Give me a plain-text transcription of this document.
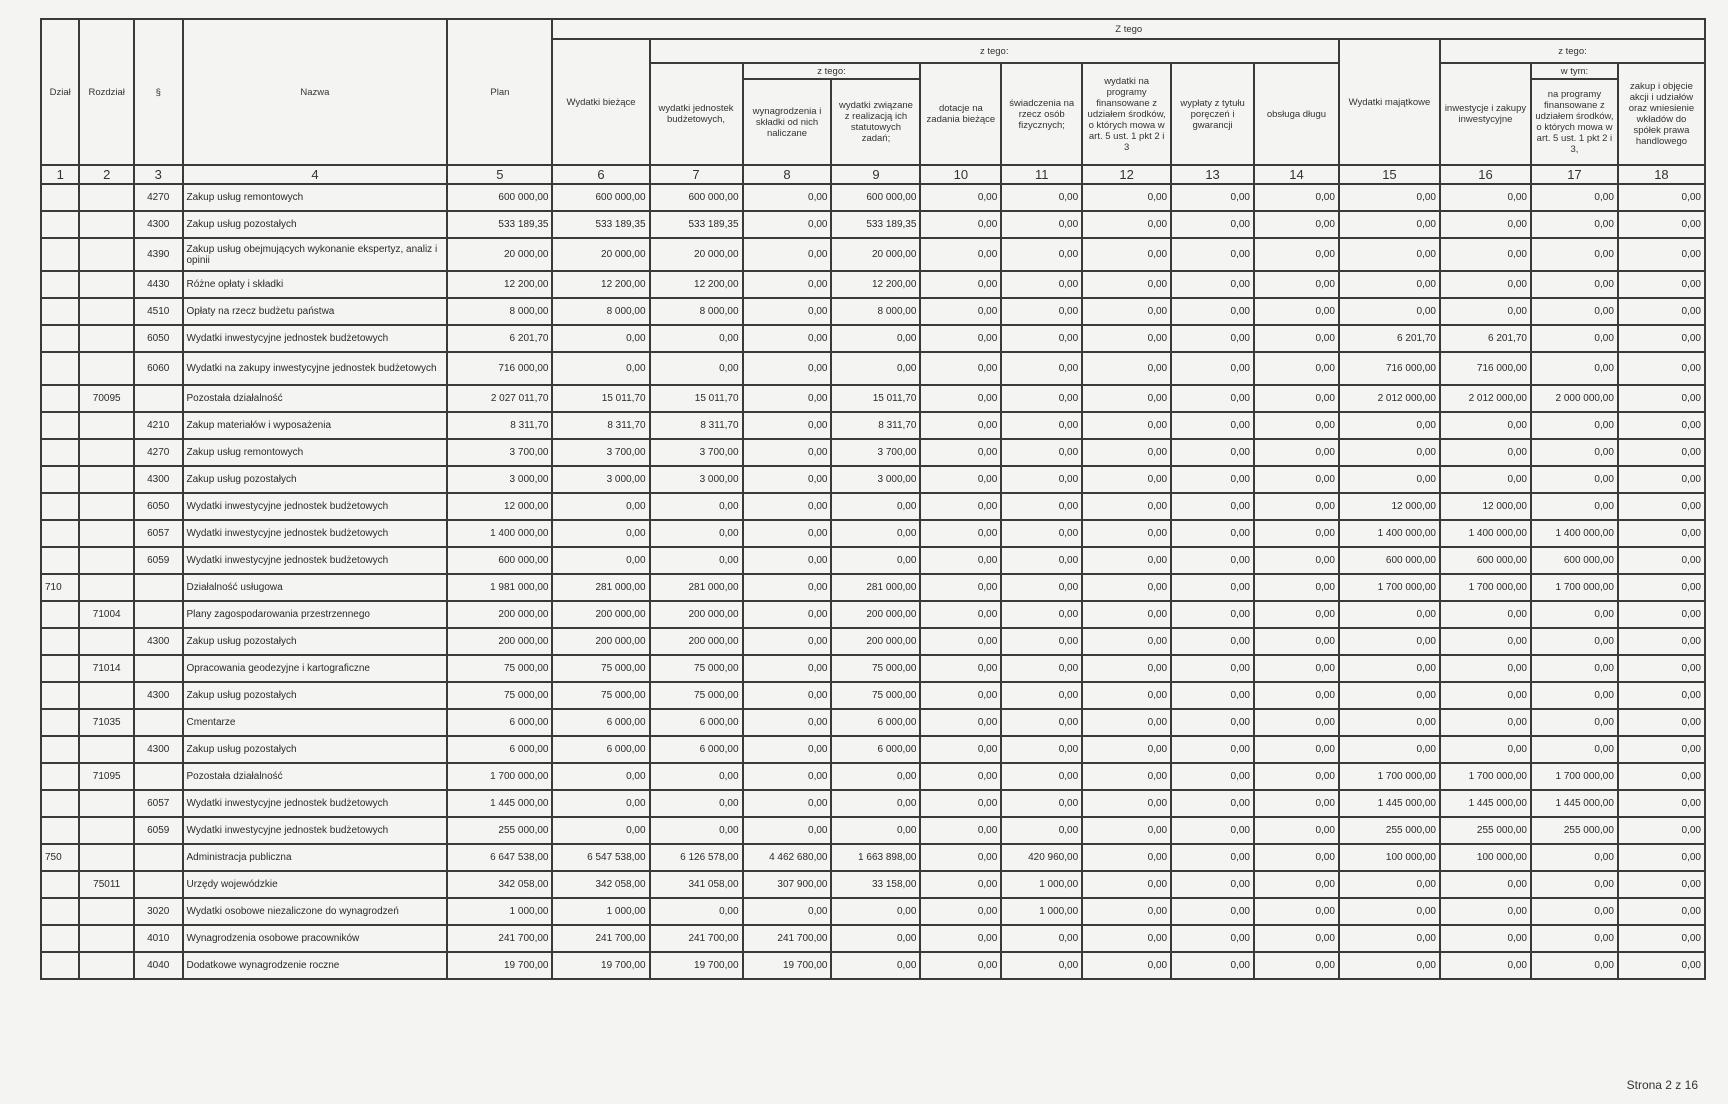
Dział	Rozdział	§	Nazwa	Plan	Z tego												
					Wydatki bieżące	z tego:								Wydatki majątkowe	z tego:		
						wydatki jednostek budżetowych,	z tego:		dotacje na zadania bieżące	świadczenia na rzecz osób fizycznych;	wydatki na programy finansowane z udziałem środków, o których mowa w art. 5 ust. 1 pkt 2 i 3	wypłaty z tytułu poręczeń i gwarancji	obsługa długu		inwestycje i zakupy inwestycyjne	w tym:	zakup i objęcie akcji i udziałów oraz wniesienie wkładów do spółek prawa handlowego
							wynagrodzenia i składki od nich naliczane	wydatki związane z realizacją ich statutowych zadań;								na programy finansowane z udziałem środków, o których mowa w art. 5 ust. 1 pkt 2 i 3,	
1	2	3	4	5	6	7	8	9	10	11	12	13	14	15	16	17	18
		4270	Zakup usług remontowych	600 000,00	600 000,00	600 000,00	0,00	600 000,00	0,00	0,00	0,00	0,00	0,00	0,00	0,00	0,00	0,00
		4300	Zakup usług pozostałych	533 189,35	533 189,35	533 189,35	0,00	533 189,35	0,00	0,00	0,00	0,00	0,00	0,00	0,00	0,00	0,00
		4390	Zakup usług obejmujących wykonanie ekspertyz, analiz i opinii	20 000,00	20 000,00	20 000,00	0,00	20 000,00	0,00	0,00	0,00	0,00	0,00	0,00	0,00	0,00	0,00
		4430	Różne opłaty i składki	12 200,00	12 200,00	12 200,00	0,00	12 200,00	0,00	0,00	0,00	0,00	0,00	0,00	0,00	0,00	0,00
		4510	Opłaty na rzecz budżetu państwa	8 000,00	8 000,00	8 000,00	0,00	8 000,00	0,00	0,00	0,00	0,00	0,00	0,00	0,00	0,00	0,00
		6050	Wydatki inwestycyjne jednostek budżetowych	6 201,70	0,00	0,00	0,00	0,00	0,00	0,00	0,00	0,00	0,00	6 201,70	6 201,70	0,00	0,00
		6060	Wydatki na zakupy inwestycyjne jednostek budżetowych	716 000,00	0,00	0,00	0,00	0,00	0,00	0,00	0,00	0,00	0,00	716 000,00	716 000,00	0,00	0,00
	70095		Pozostała działalność	2 027 011,70	15 011,70	15 011,70	0,00	15 011,70	0,00	0,00	0,00	0,00	0,00	2 012 000,00	2 012 000,00	2 000 000,00	0,00
		4210	Zakup materiałów i wyposażenia	8 311,70	8 311,70	8 311,70	0,00	8 311,70	0,00	0,00	0,00	0,00	0,00	0,00	0,00	0,00	0,00
		4270	Zakup usług remontowych	3 700,00	3 700,00	3 700,00	0,00	3 700,00	0,00	0,00	0,00	0,00	0,00	0,00	0,00	0,00	0,00
		4300	Zakup usług pozostałych	3 000,00	3 000,00	3 000,00	0,00	3 000,00	0,00	0,00	0,00	0,00	0,00	0,00	0,00	0,00	0,00
		6050	Wydatki inwestycyjne jednostek budżetowych	12 000,00	0,00	0,00	0,00	0,00	0,00	0,00	0,00	0,00	0,00	12 000,00	12 000,00	0,00	0,00
		6057	Wydatki inwestycyjne jednostek budżetowych	1 400 000,00	0,00	0,00	0,00	0,00	0,00	0,00	0,00	0,00	0,00	1 400 000,00	1 400 000,00	1 400 000,00	0,00
		6059	Wydatki inwestycyjne jednostek budżetowych	600 000,00	0,00	0,00	0,00	0,00	0,00	0,00	0,00	0,00	0,00	600 000,00	600 000,00	600 000,00	0,00
710			Działalność usługowa	1 981 000,00	281 000,00	281 000,00	0,00	281 000,00	0,00	0,00	0,00	0,00	0,00	1 700 000,00	1 700 000,00	1 700 000,00	0,00
	71004		Plany zagospodarowania przestrzennego	200 000,00	200 000,00	200 000,00	0,00	200 000,00	0,00	0,00	0,00	0,00	0,00	0,00	0,00	0,00	0,00
		4300	Zakup usług pozostałych	200 000,00	200 000,00	200 000,00	0,00	200 000,00	0,00	0,00	0,00	0,00	0,00	0,00	0,00	0,00	0,00
	71014		Opracowania geodezyjne i kartograficzne	75 000,00	75 000,00	75 000,00	0,00	75 000,00	0,00	0,00	0,00	0,00	0,00	0,00	0,00	0,00	0,00
		4300	Zakup usług pozostałych	75 000,00	75 000,00	75 000,00	0,00	75 000,00	0,00	0,00	0,00	0,00	0,00	0,00	0,00	0,00	0,00
	71035		Cmentarze	6 000,00	6 000,00	6 000,00	0,00	6 000,00	0,00	0,00	0,00	0,00	0,00	0,00	0,00	0,00	0,00
		4300	Zakup usług pozostałych	6 000,00	6 000,00	6 000,00	0,00	6 000,00	0,00	0,00	0,00	0,00	0,00	0,00	0,00	0,00	0,00
	71095		Pozostała działalność	1 700 000,00	0,00	0,00	0,00	0,00	0,00	0,00	0,00	0,00	0,00	1 700 000,00	1 700 000,00	1 700 000,00	0,00
		6057	Wydatki inwestycyjne jednostek budżetowych	1 445 000,00	0,00	0,00	0,00	0,00	0,00	0,00	0,00	0,00	0,00	1 445 000,00	1 445 000,00	1 445 000,00	0,00
		6059	Wydatki inwestycyjne jednostek budżetowych	255 000,00	0,00	0,00	0,00	0,00	0,00	0,00	0,00	0,00	0,00	255 000,00	255 000,00	255 000,00	0,00
750			Administracja publiczna	6 647 538,00	6 547 538,00	6 126 578,00	4 462 680,00	1 663 898,00	0,00	420 960,00	0,00	0,00	0,00	100 000,00	100 000,00	0,00	0,00
	75011		Urzędy wojewódzkie	342 058,00	342 058,00	341 058,00	307 900,00	33 158,00	0,00	1 000,00	0,00	0,00	0,00	0,00	0,00	0,00	0,00
		3020	Wydatki osobowe niezaliczone do wynagrodzeń	1 000,00	1 000,00	0,00	0,00	0,00	0,00	1 000,00	0,00	0,00	0,00	0,00	0,00	0,00	0,00
		4010	Wynagrodzenia osobowe pracowników	241 700,00	241 700,00	241 700,00	241 700,00	0,00	0,00	0,00	0,00	0,00	0,00	0,00	0,00	0,00	0,00
		4040	Dodatkowe wynagrodzenie roczne	19 700,00	19 700,00	19 700,00	19 700,00	0,00	0,00	0,00	0,00	0,00	0,00	0,00	0,00	0,00	0,00
Strona 2 z 16
